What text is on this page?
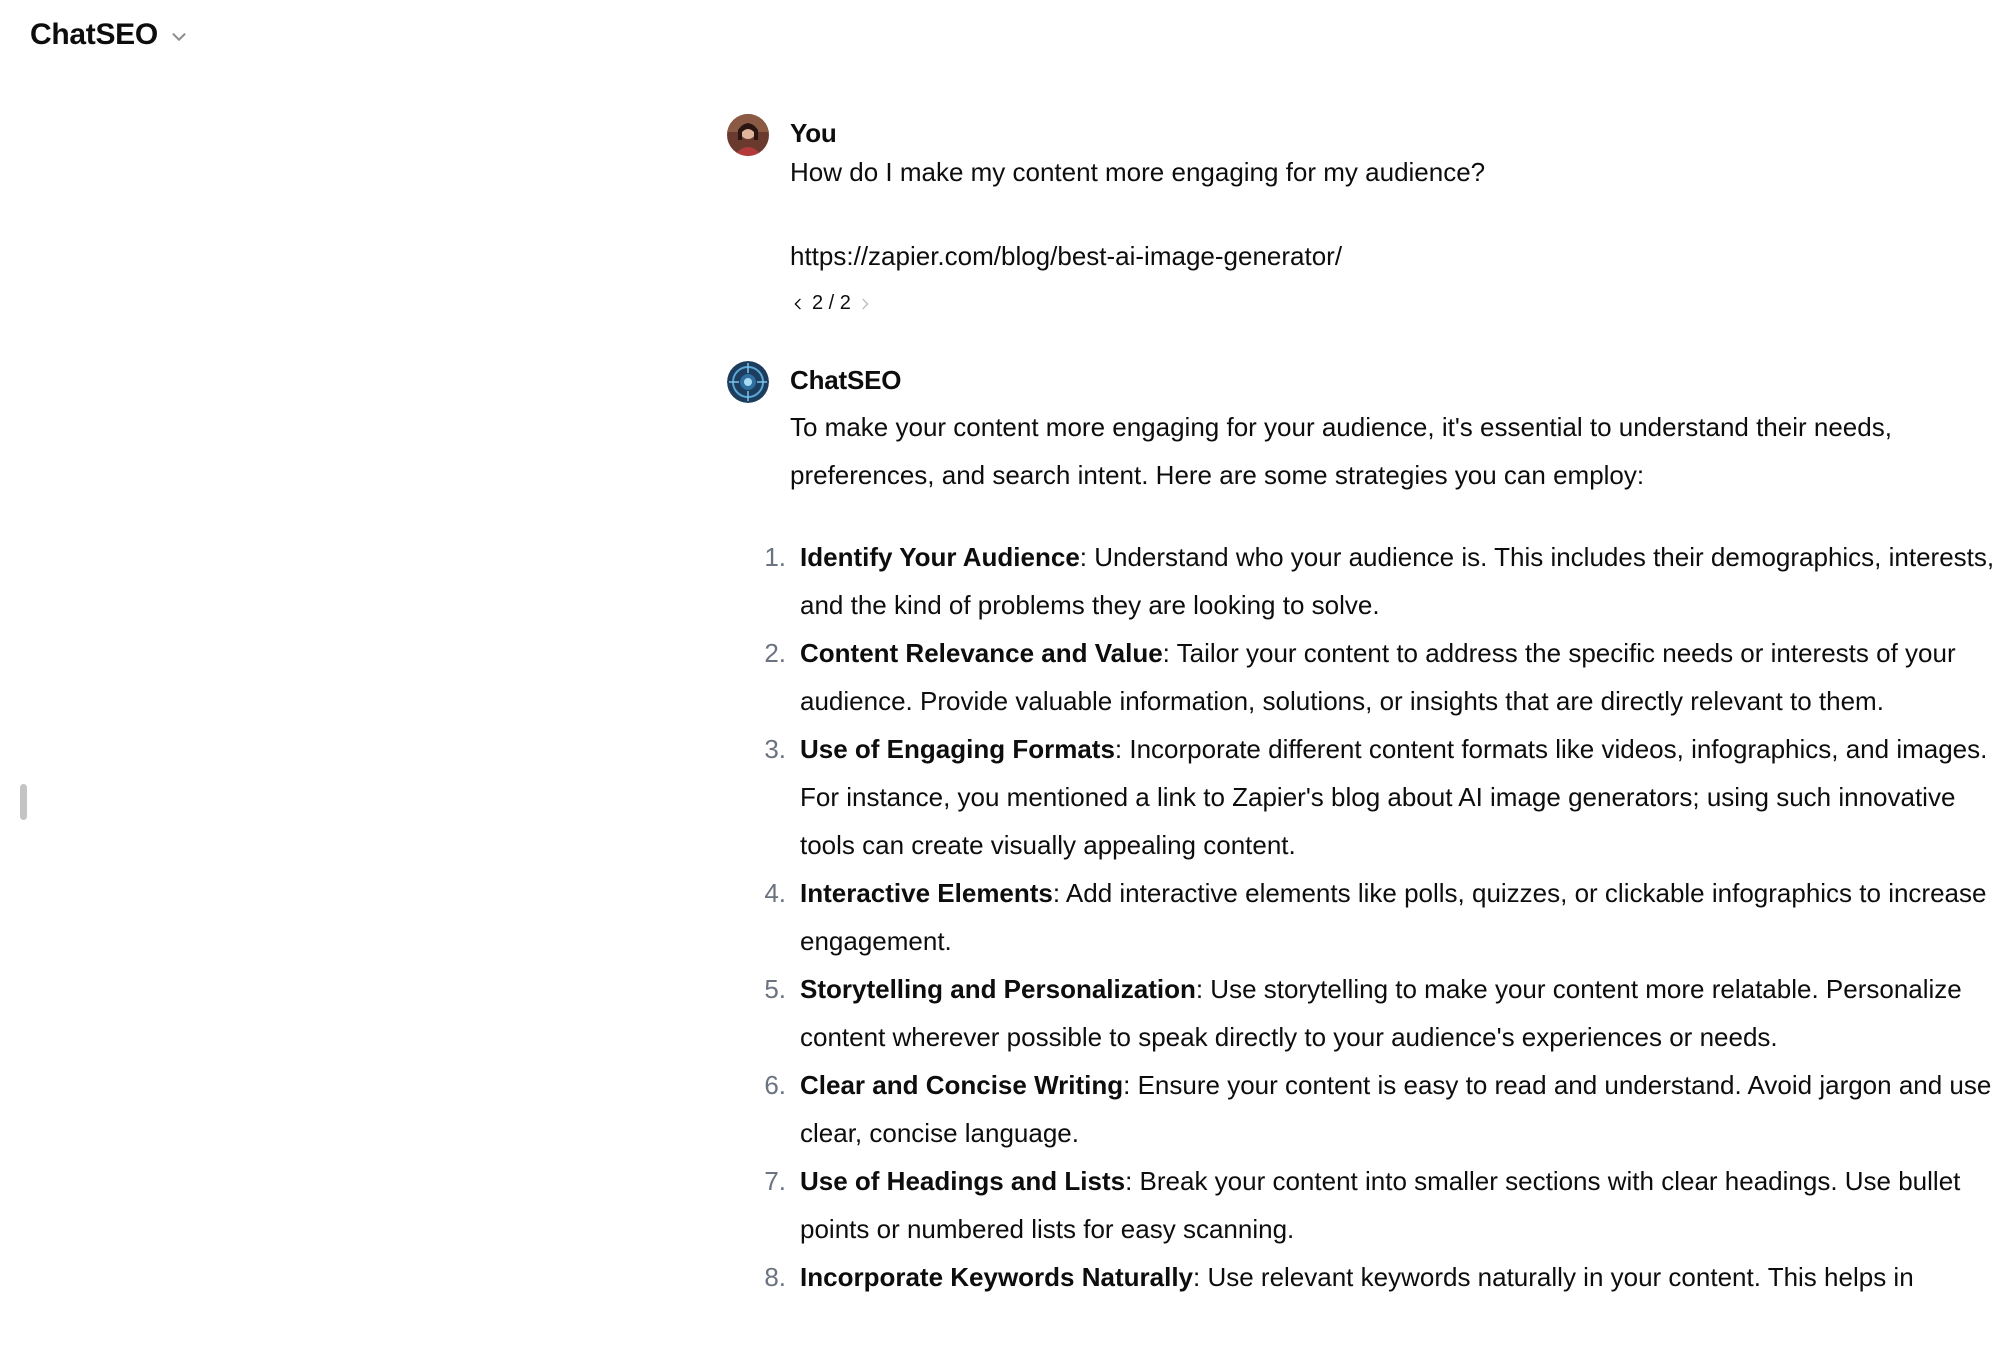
ChatSEO
You
How do I make my content more engaging for my audience?
https://zapier.com/blog/best-ai-image-generator/
2 / 2
ChatSEO

To make your content more engaging for your audience, it's essential to understand their needs, preferences, and search intent. Here are some strategies you can employ:

1. Identify Your Audience: Understand who your audience is. This includes their demographics, interests, and the kind of problems they are looking to solve.
2. Content Relevance and Value: Tailor your content to address the specific needs or interests of your audience. Provide valuable information, solutions, or insights that are directly relevant to them.
3. Use of Engaging Formats: Incorporate different content formats like videos, infographics, and images. For instance, you mentioned a link to Zapier's blog about AI image generators; using such innovative tools can create visually appealing content.
4. Interactive Elements: Add interactive elements like polls, quizzes, or clickable infographics to increase engagement.
5. Storytelling and Personalization: Use storytelling to make your content more relatable. Personalize content wherever possible to speak directly to your audience's experiences or needs.
6. Clear and Concise Writing: Ensure your content is easy to read and understand. Avoid jargon and use clear, concise language.
7. Use of Headings and Lists: Break your content into smaller sections with clear headings. Use bullet points or numbered lists for easy scanning.
8. Incorporate Keywords Naturally: Use relevant keywords naturally in your content. This helps in
